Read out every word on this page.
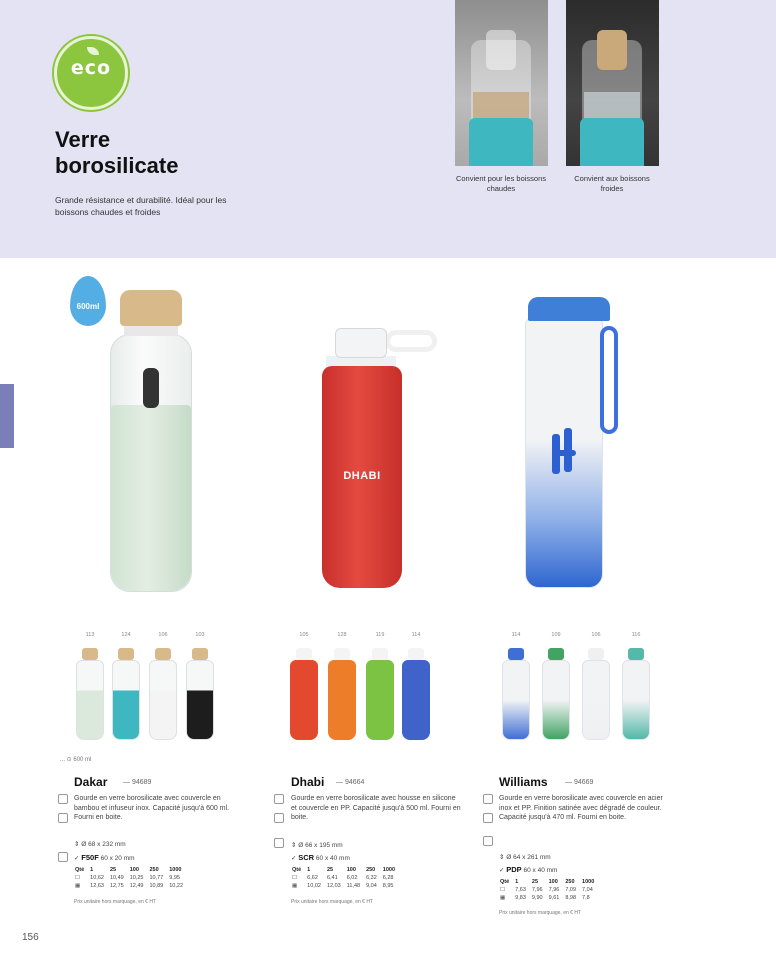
eco
Verre
borosilicate
Grande résistance et durabilité. Idéal pour les boissons chaudes et froides
Convient pour les boissons chaudes
Convient aux boissons froides
600ml
DHABI
113	124	106	103	105	128	119	114	114	109	106	116
... ⊙ 600 ml
Dakar — 94689
Gourde en verre borosilicate avec couvercle en bambou et infuseur inox. Capacité jusqu'à 600 ml. Fourni en boite.
⇕ Ø 68 x 232 mm
✓ F50F 60 x 20 mm
Qté	1	25	100	250	1000
☐	10,62	10,49	10,25	10,77	9,95
▦	12,63	12,75	12,49	10,89	10,22
Prix unitaire hors marquage, en € HT
Dhabi — 94664
Gourde en verre borosilicate avec housse en silicone et couvercle en PP. Capacité jusqu'à 500 ml. Fourni en boite.
⇕ Ø 66 x 195 mm
✓ SCR 60 x 40 mm
Qté	1	25	100	250	1000
☐	6,62	6,41	6,02	6,32	6,28
▦	10,02	12,03	11,48	9,04	8,95
Prix unitaire hors marquage, en € HT
Williams — 94669
Gourde en verre borosilicate avec couvercle en acier inox et PP. Finition satinée avec dégradé de couleur. Capacité jusqu'à 470 ml. Fourni en boite.
⇕ Ø 64 x 261 mm
✓ PDP 60 x 40 mm
Qté	1	25	100	250	1000
☐	7,63	7,96	7,96	7,09	7,04
▦	9,83	9,90	9,61	8,98	7,8
Prix unitaire hors marquage, en € HT
156
